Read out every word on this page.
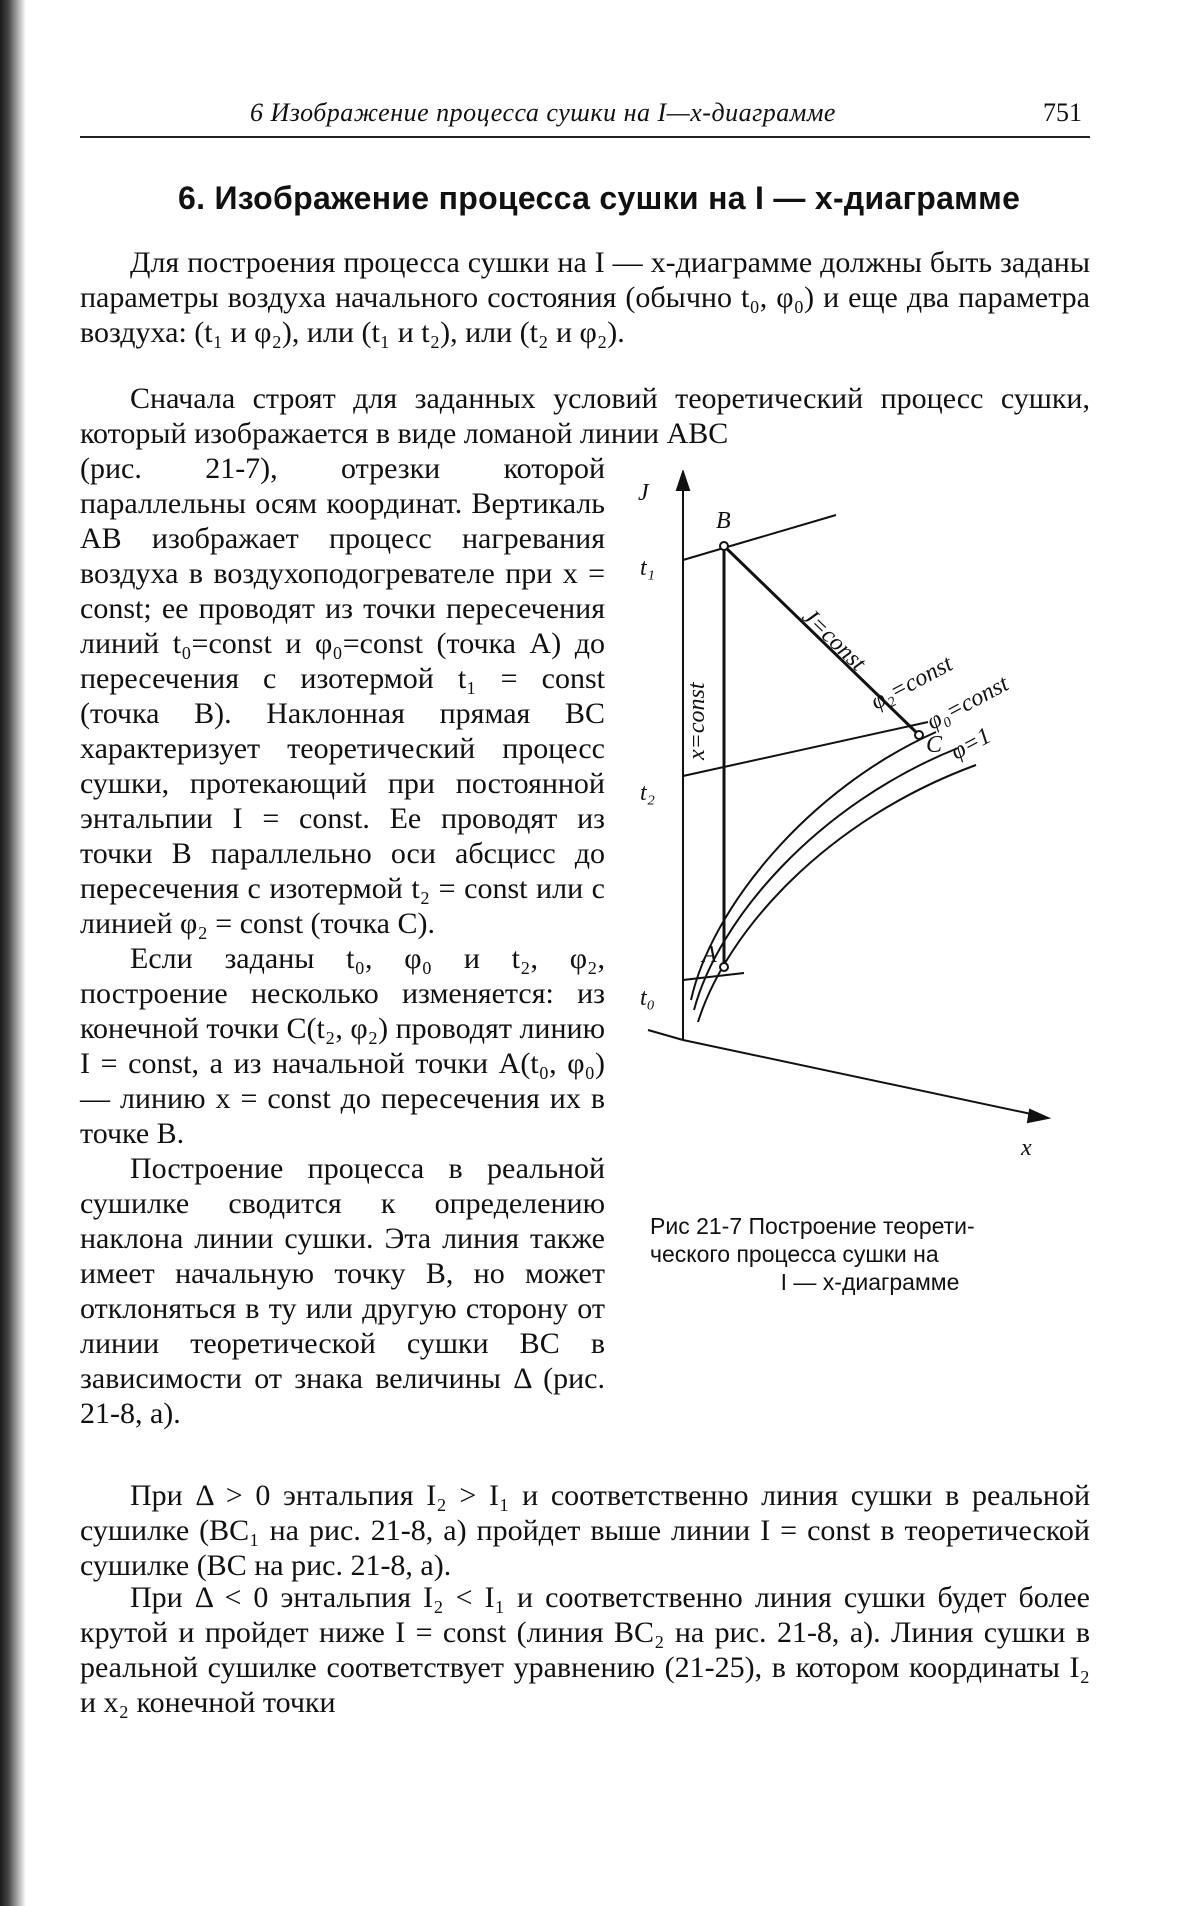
6 Изображение процесса сушки на I—x-диаграмме	751
6. Изображение процесса сушки на I — x-диаграмме

Для построения процесса сушки на I — x-диаграмме должны быть заданы параметры воздуха начального состояния (обычно t₀, φ₀) и еще два параметра воздуха: (t₁ и φ₂), или (t₁ и t₂), или (t₂ и φ₂).

Сначала строят для заданных условий теоретический процесс сушки, который изображается в виде ломаной линии ABC

(рис. 21-7), отрезки которой параллельны осям координат. Вертикаль AB изображает процесс нагревания воздуха в воздухоподогревателе при x = const; ее проводят из точки пересечения линий t₀=const и φ₀=const (точка A) до пересечения с изотермой t₁ = const (точка B). Наклонная прямая BC характеризует теоретический процесс сушки, протекающий при постоянной энтальпии I = const. Ее проводят из точки B параллельно оси абсцисс до пересечения с изотермой t₂ = const или с линией φ₂ = const (точка C).

Если заданы t₀, φ₀ и t₂, φ₂, построение несколько изменяется: из конечной точки C(t₂, φ₂) проводят линию I = const, а из начальной точки A(t₀, φ₀) — линию x = const до пересечения их в точке B.

Построение процесса в реальной сушилке сводится к определению наклона линии сушки. Эта линия также имеет начальную точку B, но может отклоняться в ту или другую сторону от линии теоретической сушки BC в зависимости от знака величины Δ (рис. 21-8, a).

При Δ > 0 энтальпия I₂ > I₁ и соответственно линия сушки в реальной сушилке (BC₁ на рис. 21-8, a) пройдет выше линии I = const в теоретической сушилке (BC на рис. 21-8, a).

При Δ < 0 энтальпия I₂ < I₁ и соответственно линия сушки будет более крутой и пройдет ниже I = const (линия BC₂ на рис. 21-8, a). Линия сушки в реальной сушилке соответствует уравнению (21-25), в котором координаты I₂ и x₂ конечной точки

J
x
t₁
t₂
t₀
B
A
C
x=const
J=const
φ₂=const
φ₀=const
φ=1
Рис 21-7 Построение теорети-
ческого процесса сушки на
I — x-диаграмме
